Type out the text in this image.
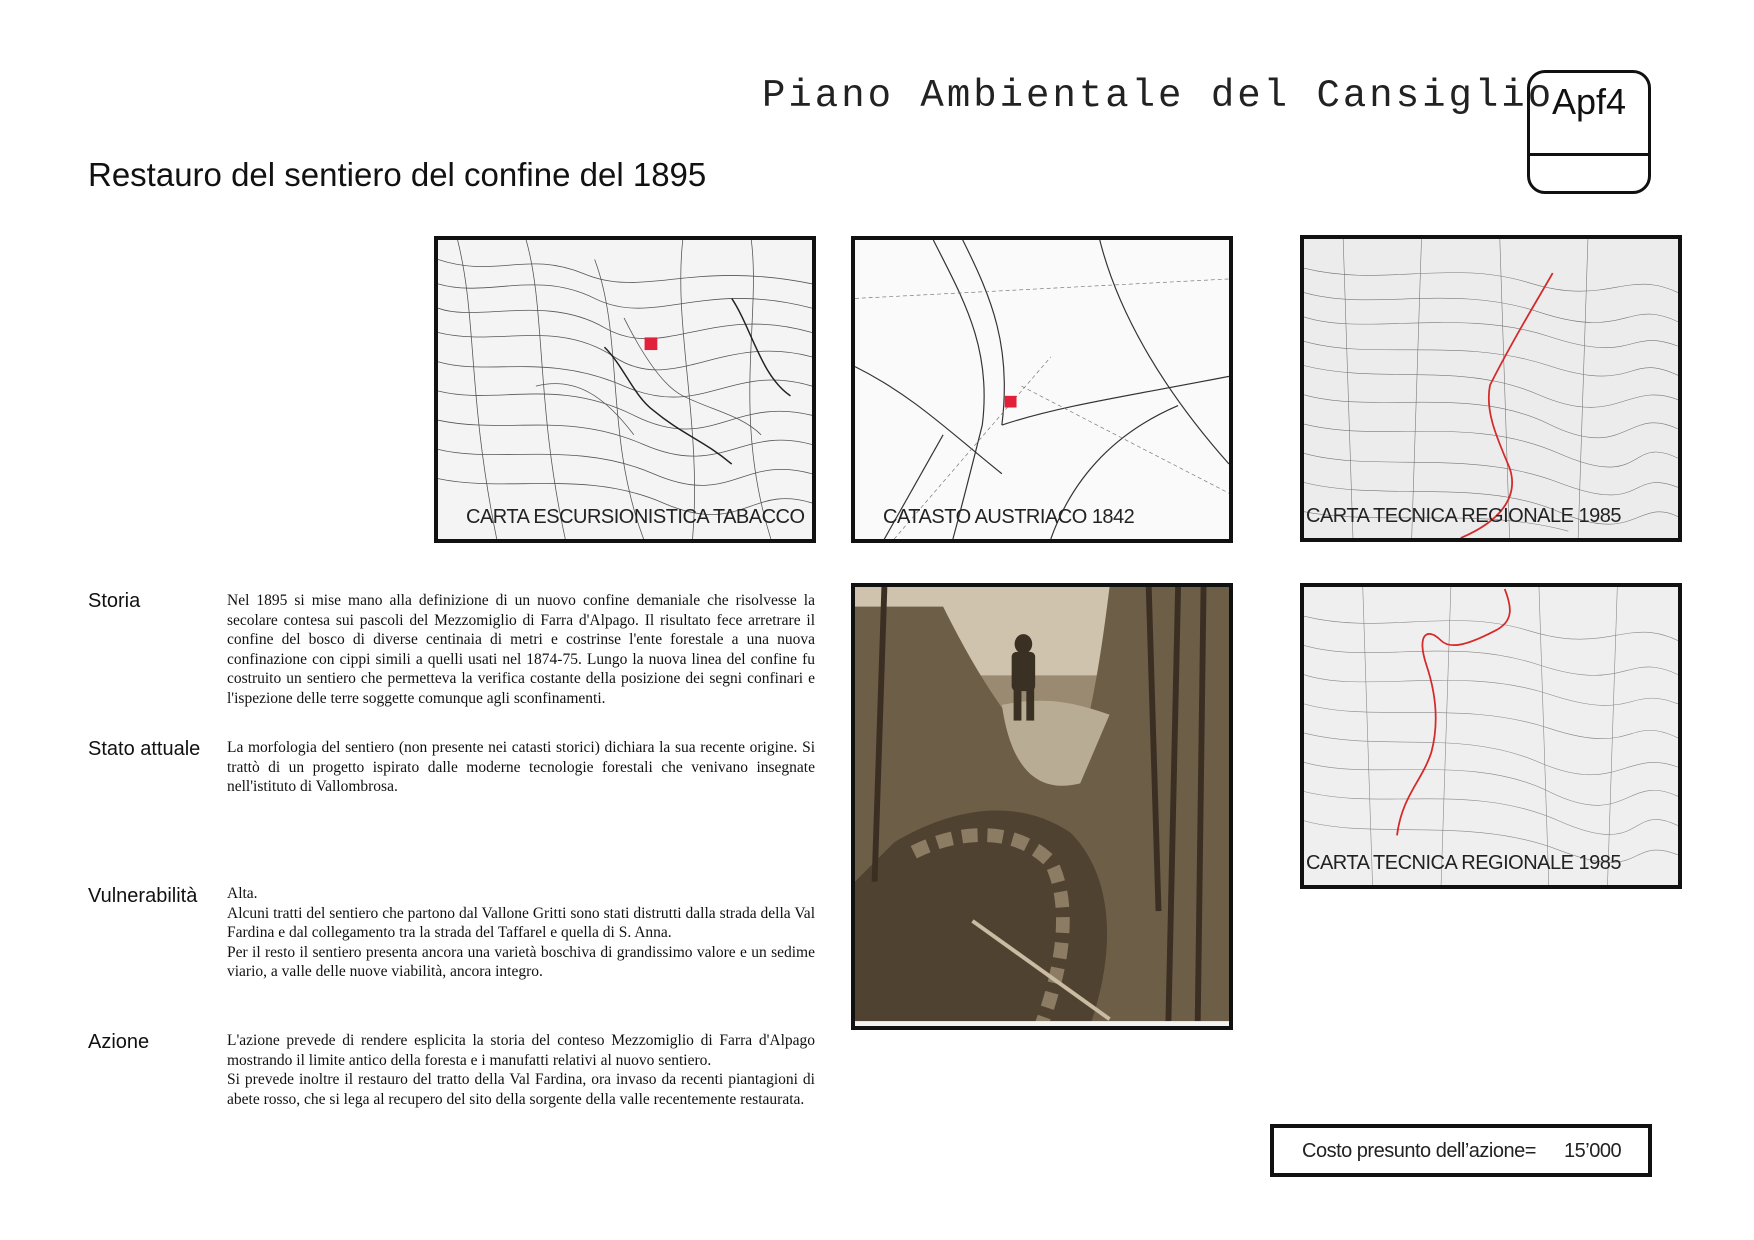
Piano Ambientale del Cansiglio
Apf4
Restauro del sentiero del confine del 1895
CARTA ESCURSIONISTICA TABACCO	CATASTO AUSTRIACO 1842	CARTA TECNICA REGIONALE 1985
CARTA TECNICA REGIONALE 1985
Storia	Nel 1895 si mise mano alla definizione di un nuovo confine demaniale che risolvesse la secolare contesa sui pascoli del Mezzomiglio di Farra d'Alpago. Il risultato fece arretrare il confine del bosco di diverse centinaia di metri e costrinse l'ente forestale a una nuova confinazione con cippi simili a quelli usati nel 1874-75. Lungo la nuova linea del confine fu costruito un sentiero che permetteva la verifica costante della posizione dei segni confinari e l'ispezione delle terre soggette comunque agli sconfinamenti.
Stato attuale La morfologia del sentiero (non presente nei catasti storici) dichiara la sua recente origine. Si trattò di un progetto ispirato dalle moderne tecnologie forestali che venivano insegnate nell'istituto di Vallombrosa.
Vulnerabilità Alta.
Alcuni tratti del sentiero che partono dal Vallone Gritti sono stati distrutti dalla strada della Val Fardina e dal collegamento tra la strada del Taffarel e quella di S. Anna.
Per il resto il sentiero presenta ancora una varietà boschiva di grandissimo valore e un sedime viario, a valle delle nuove viabilità, ancora integro.
Azione	L'azione prevede di rendere esplicita la storia del conteso Mezzomiglio di Farra d'Alpago mostrando il limite antico della foresta e i manufatti relativi al nuovo sentiero.
Si prevede inoltre il restauro del tratto della Val Fardina, ora invaso da recenti piantagioni di abete rosso, che si lega al recupero del sito della sorgente della valle recentemente restaurata.
Costo presunto dell’azione= 15’000
